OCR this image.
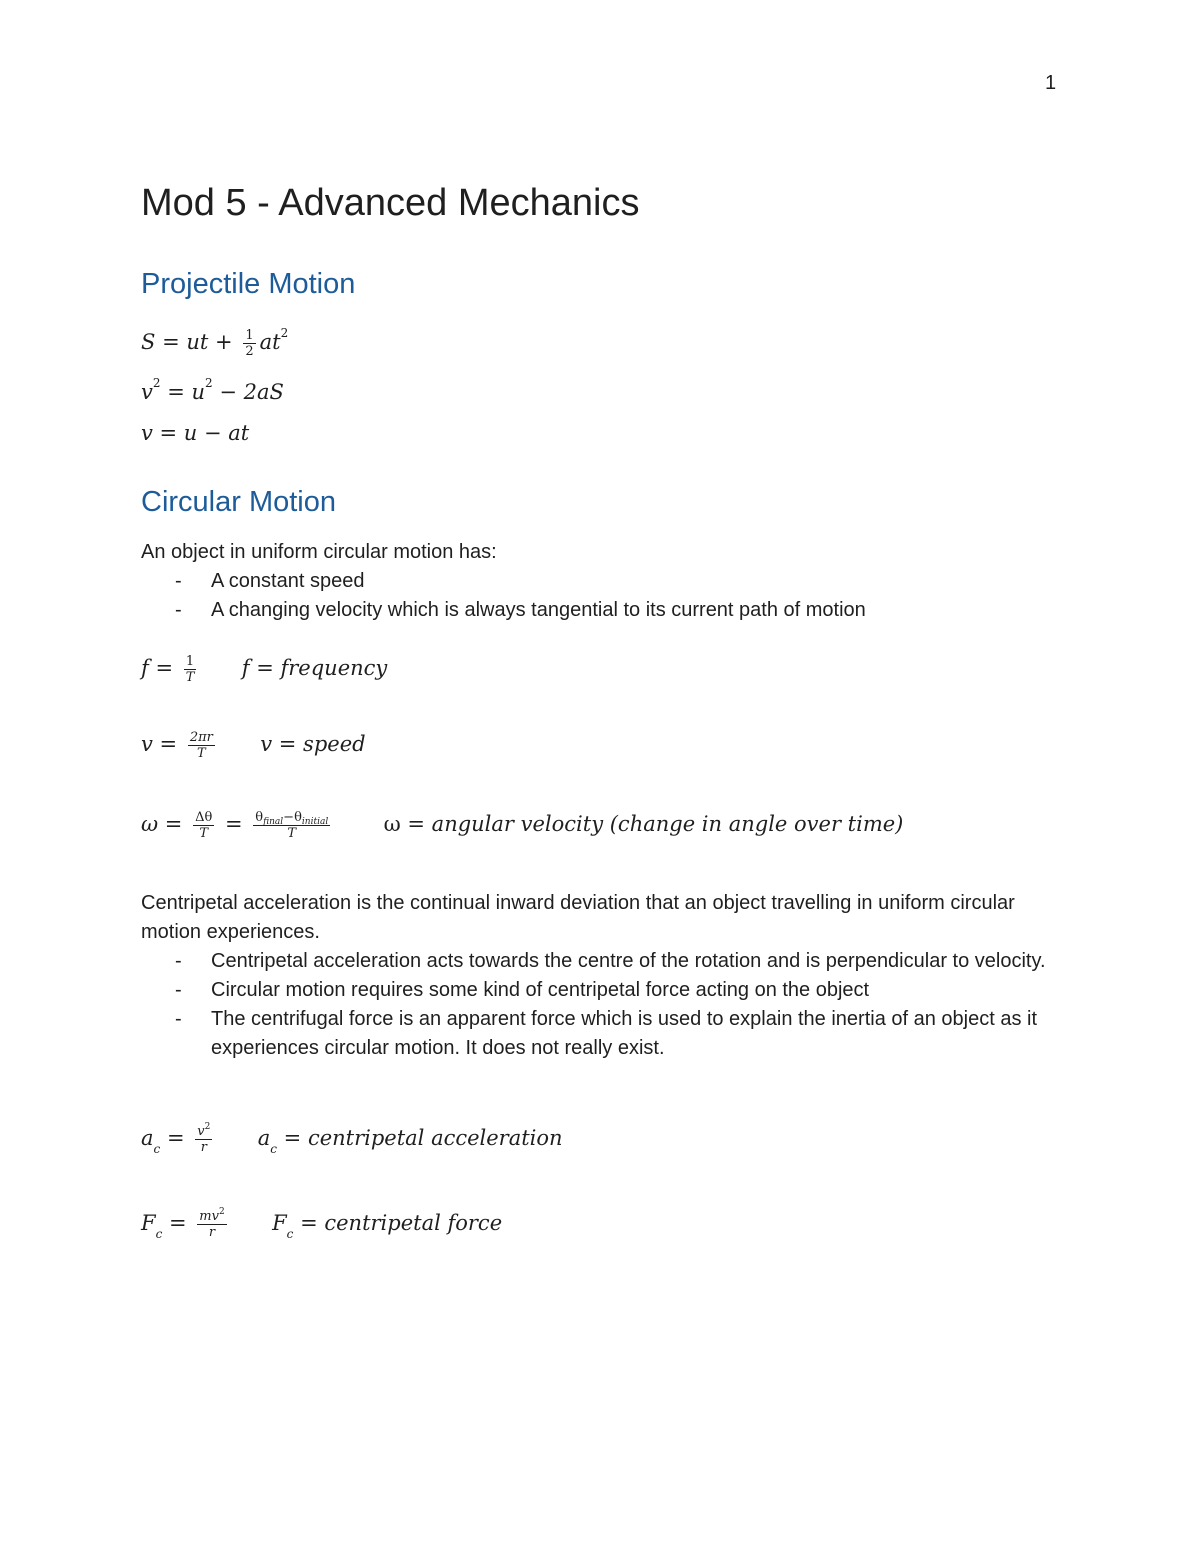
1
Mod 5 - Advanced Mechanics
Projectile Motion
S = ut + $\frac{1}{2} at^2$
$v^2 = u^2 - 2aS$
v = u − at
Circular Motion
An object in uniform circular motion has:
- A constant speed
- A changing velocity which is always tangential to its current path of motion
$f = \frac{1}{T}$ f = frequency
$v = \frac{2\pi r}{T}$ v = speed
$\omega = \frac{\Delta\theta}{T} = \frac{\theta_{final}-\theta_{initial}}{T}$	ω = angular velocity (change in angle over time)
Centripetal acceleration is the continual inward deviation that an object travelling in uniform circular motion experiences.
- Centripetal acceleration acts towards the centre of the rotation and is perpendicular to velocity.
- Circular motion requires some kind of centripetal force acting on the object
- The centrifugal force is an apparent force which is used to explain the inertia of an object as it experiences circular motion. It does not really exist.
$a_c = \frac{v^2}{r} a_c$ = centripetal acceleration
$F_c = \frac{mv^2}{r} F_c$ = centripetal force
